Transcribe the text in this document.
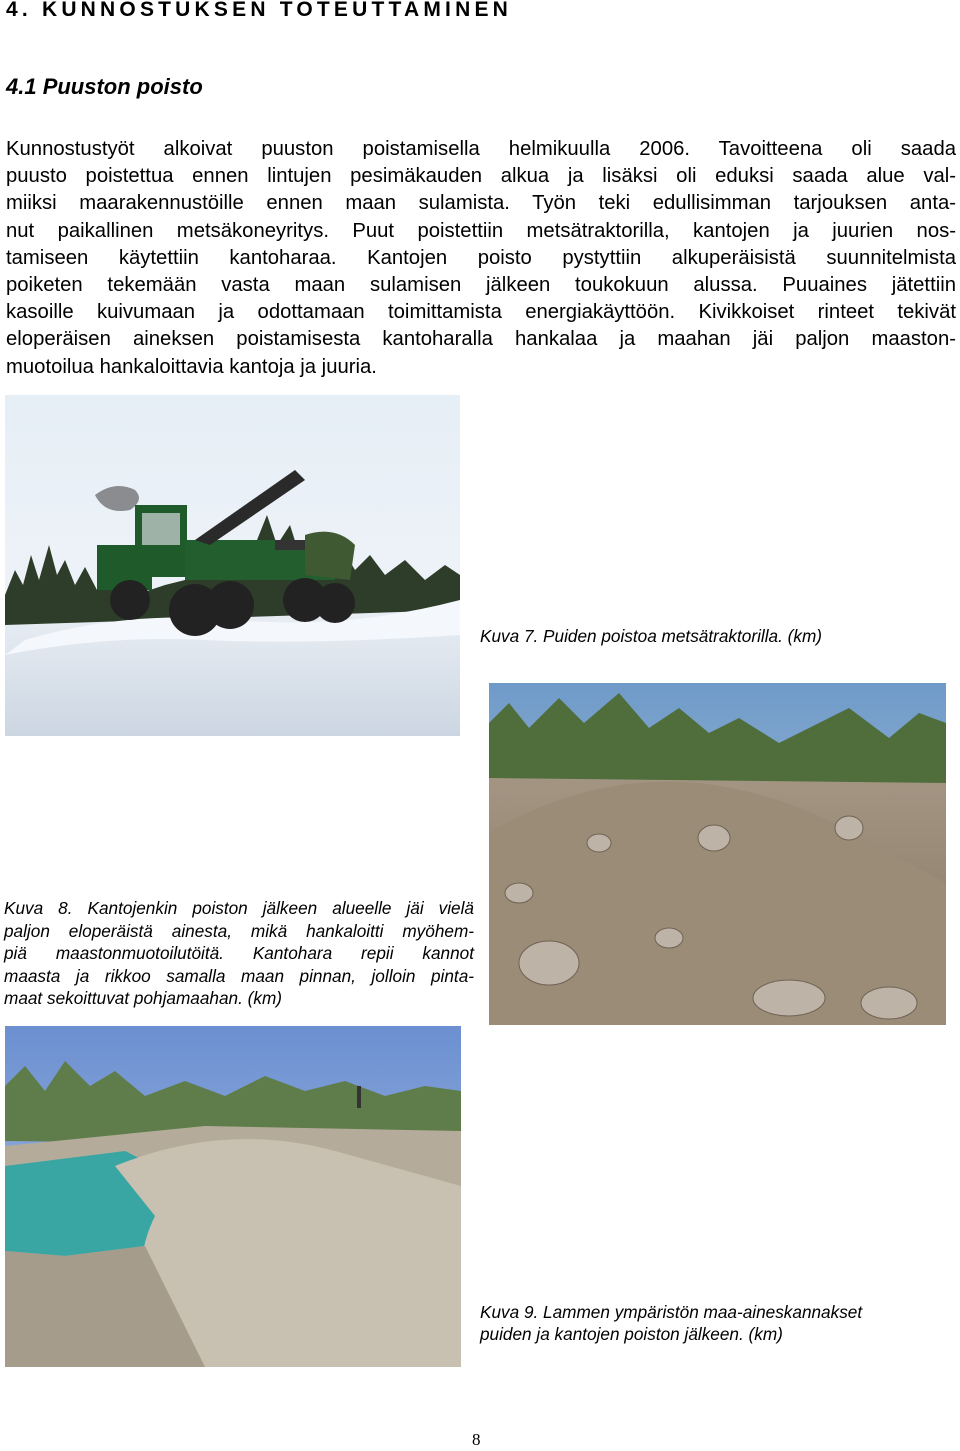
4. KUNNOSTUKSEN TOTEUTTAMINEN
4.1 Puuston poisto
Kunnostustyöt alkoivat puuston poistamisella helmikuulla 2006. Tavoitteena oli saada
puusto poistettua ennen lintujen pesimäkauden alkua ja lisäksi oli eduksi saada alue val-
miiksi maarakennustöille ennen maan sulamista. Työn teki edullisimman tarjouksen anta-
nut paikallinen metsäkoneyritys. Puut poistettiin metsätraktorilla, kantojen ja juurien nos-
tamiseen käytettiin kantoharaa. Kantojen poisto pystyttiin alkuperäisistä suunnitelmista
poiketen tekemään vasta maan sulamisen jälkeen toukokuun alussa. Puuaines jätettiin
kasoille kuivumaan ja odottamaan toimittamista energiakäyttöön. Kivikkoiset rinteet tekivät
eloperäisen aineksen poistamisesta kantoharalla hankalaa ja maahan jäi paljon maaston-
muotoilua hankaloittavia kantoja ja juuria.
Kuva 7. Puiden poistoa metsätraktorilla. (km)
Kuva 8. Kantojenkin poiston jälkeen alueelle jäi vielä
paljon eloperäistä ainesta, mikä hankaloitti myöhem-
piä maastonmuotoilutöitä. Kantohara repii kannot
maasta ja rikkoo samalla maan pinnan, jolloin pinta-
maat sekoittuvat pohjamaahan. (km)
Kuva 9. Lammen ympäristön maa-aineskannakset
puiden ja kantojen poiston jälkeen. (km)
8
